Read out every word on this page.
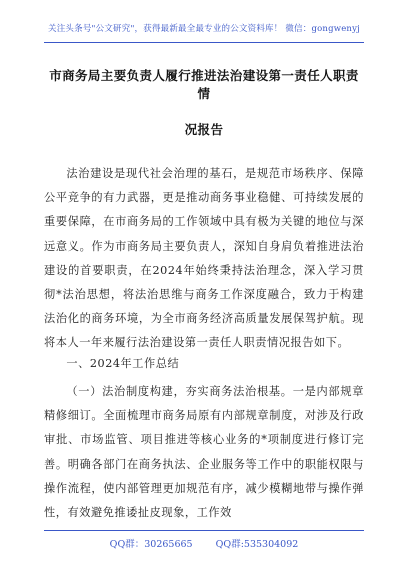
关注头条号"公文研究"，获得最新最全最专业的公文资料库！ 微信：gongwenyj
市商务局主要负责人履行推进法治建设第一责任人职责情
况报告

法治建设是现代社会治理的基石，是规范市场秩序、保障公平竞争的有力武器，更是推动商务事业稳健、可持续发展的重要保障，在市商务局的工作领域中具有极为关键的地位与深远意义。作为市商务局主要负责人，深知自身肩负着推进法治建设的首要职责，在2024年始终秉持法治理念，深入学习贯彻*法治思想，将法治思维与商务工作深度融合，致力于构建法治化的商务环境，为全市商务经济高质量发展保驾护航。现将本人一年来履行法治建设第一责任人职责情况报告如下。

一、2024年工作总结

（一）法治制度构建，夯实商务法治根基。一是内部规章精修细订。全面梳理市商务局原有内部规章制度，对涉及行政审批、市场监管、项目推进等核心业务的*项制度进行修订完善。明确各部门在商务执法、企业服务等工作中的职能权限与操作流程，使内部管理更加规范有序，减少模糊地带与操作弹性，有效避免推诿扯皮现象，工作效

QQ群：30265665 QQ群:535304092
